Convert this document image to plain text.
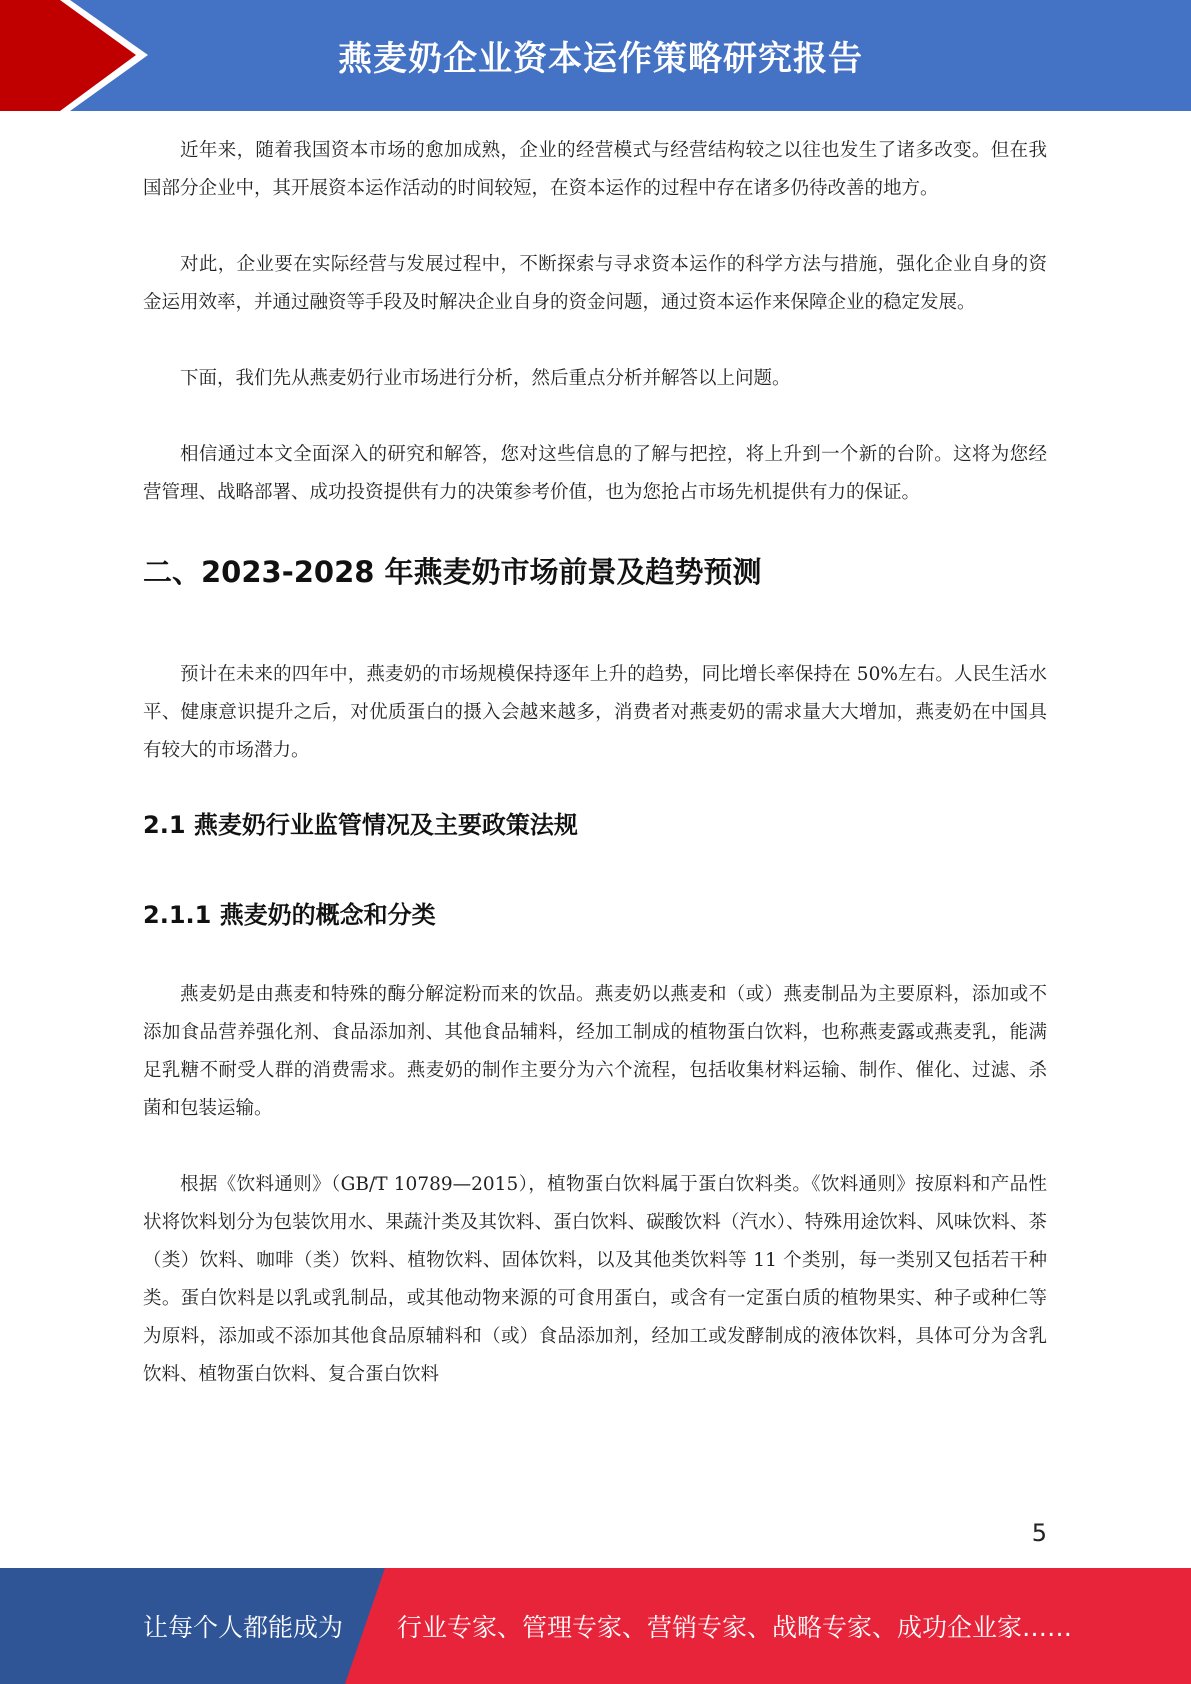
燕麦奶企业资本运作策略研究报告

近年来，随着我国资本市场的愈加成熟，企业的经营模式与经营结构较之以往也发生了诸多改变。但在我国部分企业中，其开展资本运作活动的时间较短，在资本运作的过程中存在诸多仍待改善的地方。

对此，企业要在实际经营与发展过程中，不断探索与寻求资本运作的科学方法与措施，强化企业自身的资金运用效率，并通过融资等手段及时解决企业自身的资金问题，通过资本运作来保障企业的稳定发展。

下面，我们先从燕麦奶行业市场进行分析，然后重点分析并解答以上问题。

相信通过本文全面深入的研究和解答，您对这些信息的了解与把控，将上升到一个新的台阶。这将为您经营管理、战略部署、成功投资提供有力的决策参考价值，也为您抢占市场先机提供有力的保证。

二、2023-2028 年燕麦奶市场前景及趋势预测

预计在未来的四年中，燕麦奶的市场规模保持逐年上升的趋势，同比增长率保持在 50%左右。人民生活水平、健康意识提升之后，对优质蛋白的摄入会越来越多，消费者对燕麦奶的需求量大大增加，燕麦奶在中国具有较大的市场潜力。

2.1 燕麦奶行业监管情况及主要政策法规
2.1.1 燕麦奶的概念和分类

燕麦奶是由燕麦和特殊的酶分解淀粉而来的饮品。燕麦奶以燕麦和（或）燕麦制品为主要原料，添加或不添加食品营养强化剂、食品添加剂、其他食品辅料，经加工制成的植物蛋白饮料，也称燕麦露或燕麦乳，能满足乳糖不耐受人群的消费需求。燕麦奶的制作主要分为六个流程，包括收集材料运输、制作、催化、过滤、杀菌和包装运输。

根据《饮料通则》（GB/T 10789—2015），植物蛋白饮料属于蛋白饮料类。《饮料通则》按原料和产品性状将饮料划分为包装饮用水、果蔬汁类及其饮料、蛋白饮料、碳酸饮料（汽水）、特殊用途饮料、风味饮料、茶（类）饮料、咖啡（类）饮料、植物饮料、固体饮料，以及其他类饮料等 11 个类别，每一类别又包括若干种类。蛋白饮料是以乳或乳制品，或其他动物来源的可食用蛋白，或含有一定蛋白质的植物果实、种子或种仁等为原料，添加或不添加其他食品原辅料和（或）食品添加剂，经加工或发酵制成的液体饮料，具体可分为含乳饮料、植物蛋白饮料、复合蛋白饮料

5
让每个人都能成为 行业专家、管理专家、营销专家、战略专家、成功企业家……
